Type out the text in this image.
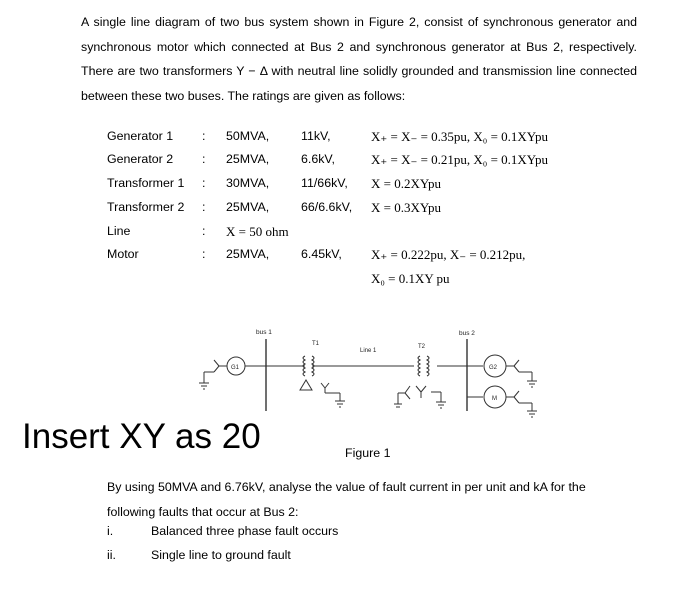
A single line diagram of two bus system shown in Figure 2, consist of synchronous generator and synchronous motor which connected at Bus 2 and synchronous generator at Bus 2, respectively. There are two transformers Y − Δ with neutral line solidly grounded and transmission line connected between these two buses. The ratings are given as follows:

Generator 1 : 50MVA,	11kV,	X₊ = X₋ = 0.35pu, X₀ = 0.1XYpu
Generator 2 : 25MVA,	6.6kV,	X₊ = X₋ = 0.21pu, X₀ = 0.1XYpu
Transformer 1 : 30MVA,	11/66kV, X = 0.2XYpu
Transformer 2 : 25MVA,	66/6.6kV, X = 0.3XYpu
Line	: X = 50 ohm
Motor	: 25MVA,	6.45kV, X₊ = 0.222pu, X₋ = 0.212pu,
X₀ = 0.1XY pu
bus 1	bus 2
Line 1
G1
T1	T2
G2
M
Insert XY as 20	Figure 1

By using 50MVA and 6.76kV, analyse the value of fault current in per unit and kA for the following faults that occur at Bus 2:

i.	Balanced three phase fault occurs
ii.	Single line to ground fault
